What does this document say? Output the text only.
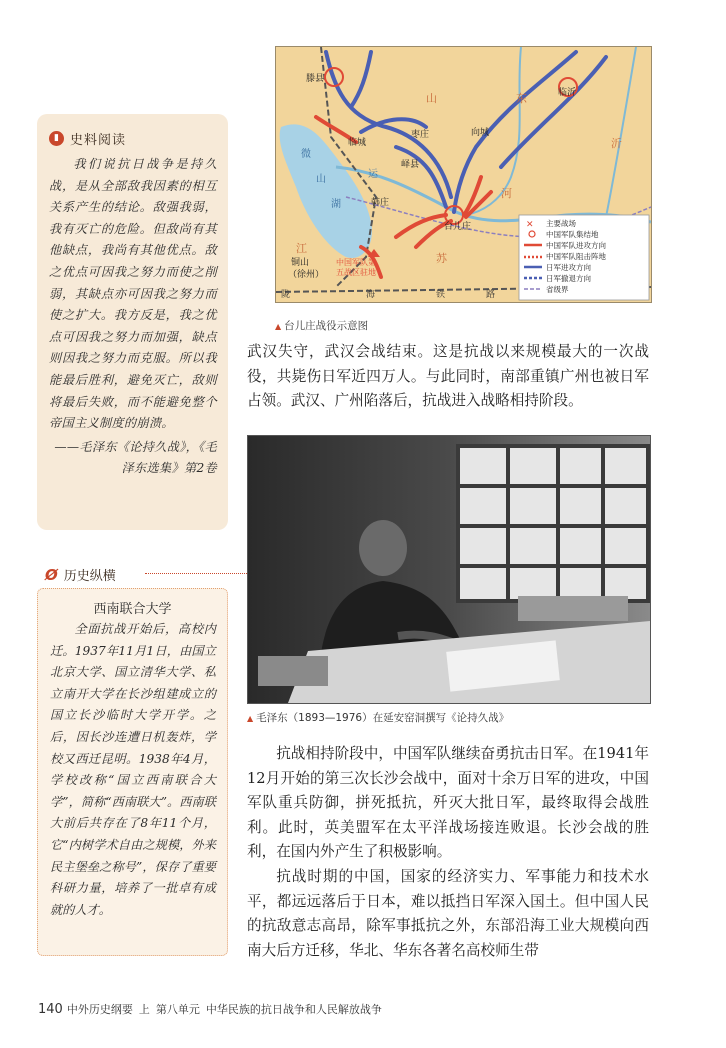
▮ 史料阅读

我们说抗日战争是持久战，是从全部敌我因素的相互关系产生的结论。敌强我弱，我有灭亡的危险。但敌尚有其他缺点，我尚有其他优点。敌之优点可因我之努力而使之削弱，其缺点亦可因我之努力而使之扩大。我方反是，我之优点可因我之努力而加强，缺点则因我之努力而克服。所以我能最后胜利，避免灭亡，敌则将最后失败，而不能避免整个帝国主义制度的崩溃。

——毛泽东《论持久战》，《毛泽东选集》第2卷
Ø 历史纵横
西南联合大学

全面抗战开始后，高校内迁。1937年11月1日，由国立北京大学、国立清华大学、私立南开大学在长沙组建成立的国立长沙临时大学开学。之后，因长沙连遭日机轰炸，学校又西迁昆明。1938年4月，学校改称“国立西南联合大学”，简称“西南联大”。西南联大前后共存在了8年11个月，它“内树学术自由之规模，外来民主堡垒之称号”，保存了重要科研力量，培养了一批卓有成就的人才。

滕县
临沂
枣庄	向城
峄县
台儿庄
韩庄
临城
铜山
（徐州）
中国军队第
五战区驻地
山	东
沂
江
苏
河
微
山
湖
运
陇	海	铁	路
主要战场
中国军队集结地
中国军队进攻方向
中国军队阻击阵地
日军进攻方向
日军撤退方向
省级界
✕
▲ 台儿庄战役示意图

武汉失守，武汉会战结束。这是抗战以来规模最大的一次战役，共毙伤日军近四万人。与此同时，南部重镇广州也被日军占领。武汉、广州陷落后，抗战进入战略相持阶段。

▲ 毛泽东（1893—1976）在延安窑洞撰写《论持久战》

抗战相持阶段中，中国军队继续奋勇抗击日军。在1941年12月开始的第三次长沙会战中，面对十余万日军的进攻，中国军队重兵防御，拼死抵抗，歼灭大批日军，最终取得会战胜利。此时，英美盟军在太平洋战场接连败退。长沙会战的胜利，在国内外产生了积极影响。

抗战时期的中国，国家的经济实力、军事能力和技术水平，都远远落后于日本，难以抵挡日军深入国土。但中国人民的抗敌意志高昂，除军事抵抗之外，东部沿海工业大规模向西南大后方迁移，华北、华东各著名高校师生带

140 中外历史纲要 上 第八单元 中华民族的抗日战争和人民解放战争
